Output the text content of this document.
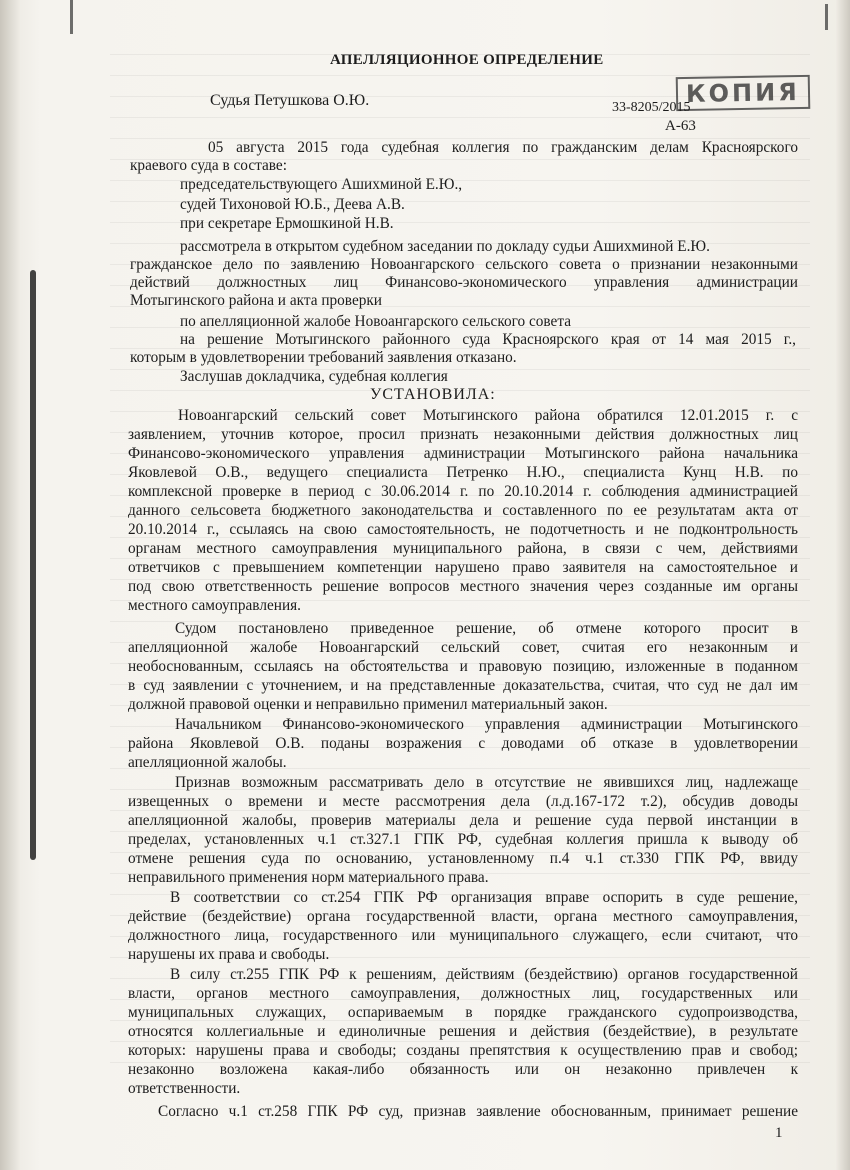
АПЕЛЛЯЦИОННОЕ ОПРЕДЕЛЕНИЕ
КОПИЯ
Судья Петушкова О.Ю.	33-8205/2015
А-63
05 августа 2015 года судебная коллегия по гражданским делам Красноярского
краевого суда в составе:
председательствующего Ашихминой Е.Ю.,
судей Тихоновой Ю.Б., Деева А.В.
при секретаре Ермошкиной Н.В.
рассмотрела в открытом судебном заседании по докладу судьи Ашихминой Е.Ю.
гражданское дело по заявлению Новоангарского сельского совета о признании незаконными
действий должностных лиц Финансово-экономического управления администрации
Мотыгинского района и акта проверки
по апелляционной жалобе Новоангарского сельского совета
на решение Мотыгинского районного суда Красноярского края от 14 мая 2015 г.,
которым в удовлетворении требований заявления отказано.
Заслушав докладчика, судебная коллегия
УСТАНОВИЛА:
Новоангарский сельский совет Мотыгинского района обратился 12.01.2015 г. с
заявлением, уточнив которое, просил признать незаконными действия должностных лиц
Финансово-экономического управления администрации Мотыгинского района начальника
Яковлевой О.В., ведущего специалиста Петренко Н.Ю., специалиста Кунц Н.В. по
комплексной проверке в период с 30.06.2014 г. по 20.10.2014 г. соблюдения администрацией
данного сельсовета бюджетного законодательства и составленного по ее результатам акта от
20.10.2014 г., ссылаясь на свою самостоятельность, не подотчетность и не подконтрольность
органам местного самоуправления муниципального района, в связи с чем, действиями
ответчиков с превышением компетенции нарушено право заявителя на самостоятельное и
под свою ответственность решение вопросов местного значения через созданные им органы
местного самоуправления.
Судом постановлено приведенное решение, об отмене которого просит в
апелляционной жалобе Новоангарский сельский совет, считая его незаконным и
необоснованным, ссылаясь на обстоятельства и правовую позицию, изложенные в поданном
в суд заявлении с уточнением, и на представленные доказательства, считая, что суд не дал им
должной правовой оценки и неправильно применил материальный закон.
Начальником Финансово-экономического управления администрации Мотыгинского
района Яковлевой О.В. поданы возражения с доводами об отказе в удовлетворении
апелляционной жалобы.
Признав возможным рассматривать дело в отсутствие не явившихся лиц, надлежаще
извещенных о времени и месте рассмотрения дела (л.д.167-172 т.2), обсудив доводы
апелляционной жалобы, проверив материалы дела и решение суда первой инстанции в
пределах, установленных ч.1 ст.327.1 ГПК РФ, судебная коллегия пришла к выводу об
отмене решения суда по основанию, установленному п.4 ч.1 ст.330 ГПК РФ, ввиду
неправильного применения норм материального права.
В соответствии со ст.254 ГПК РФ организация вправе оспорить в суде решение,
действие (бездействие) органа государственной власти, органа местного самоуправления,
должностного лица, государственного или муниципального служащего, если считают, что
нарушены их права и свободы.
В силу ст.255 ГПК РФ к решениям, действиям (бездействию) органов государственной
власти, органов местного самоуправления, должностных лиц, государственных или
муниципальных служащих, оспариваемым в порядке гражданского судопроизводства,
относятся коллегиальные и единоличные решения и действия (бездействие), в результате
которых: нарушены права и свободы; созданы препятствия к осуществлению прав и свобод;
незаконно возложена какая-либо обязанность или он незаконно привлечен к
ответственности.
Согласно ч.1 ст.258 ГПК РФ суд, признав заявление обоснованным, принимает решение
1
